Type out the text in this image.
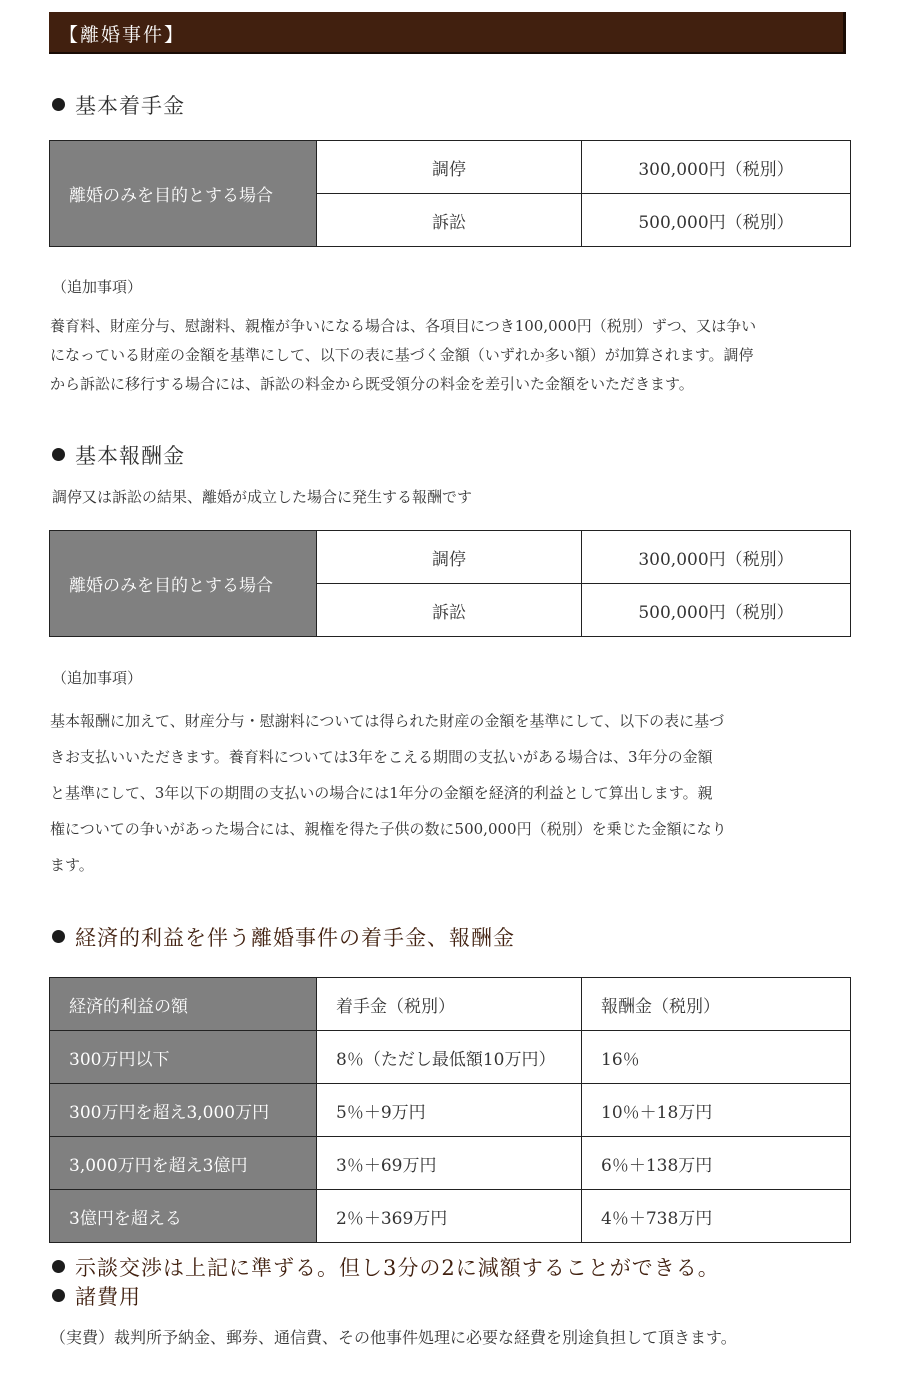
【離婚事件】
基本着手金
離婚のみを目的とする場合	調停	300,000円（税別）
	訴訟	500,000円（税別）
（追加事項）
養育料、財産分与、慰謝料、親権が争いになる場合は、各項目につき100,000円（税別）ずつ、又は争い
になっている財産の金額を基準にして、以下の表に基づく金額（いずれか多い額）が加算されます。調停
から訴訟に移行する場合には、訴訟の料金から既受領分の料金を差引いた金額をいただきます。
基本報酬金
調停又は訴訟の結果、離婚が成立した場合に発生する報酬です
離婚のみを目的とする場合	調停	300,000円（税別）
	訴訟	500,000円（税別）
（追加事項）
基本報酬に加えて、財産分与・慰謝料については得られた財産の金額を基準にして、以下の表に基づ
きお支払いいただきます。養育料については3年をこえる期間の支払いがある場合は、3年分の金額
と基準にして、3年以下の期間の支払いの場合には1年分の金額を経済的利益として算出します。親
権についての争いがあった場合には、親権を得た子供の数に500,000円（税別）を乗じた金額になり
ます。
経済的利益を伴う離婚事件の着手金、報酬金
経済的利益の額	着手金（税別）	報酬金（税別）
300万円以下	8％（ただし最低額10万円）	16％
300万円を超え3,000万円	5％＋9万円	10％＋18万円
3,000万円を超え3億円	3％＋69万円	6％＋138万円
3億円を超える	2％＋369万円	4％＋738万円
示談交渉は上記に準ずる。但し3分の2に減額することができる。
諸費用
（実費）裁判所予納金、郵券、通信費、その他事件処理に必要な経費を別途負担して頂きます。
